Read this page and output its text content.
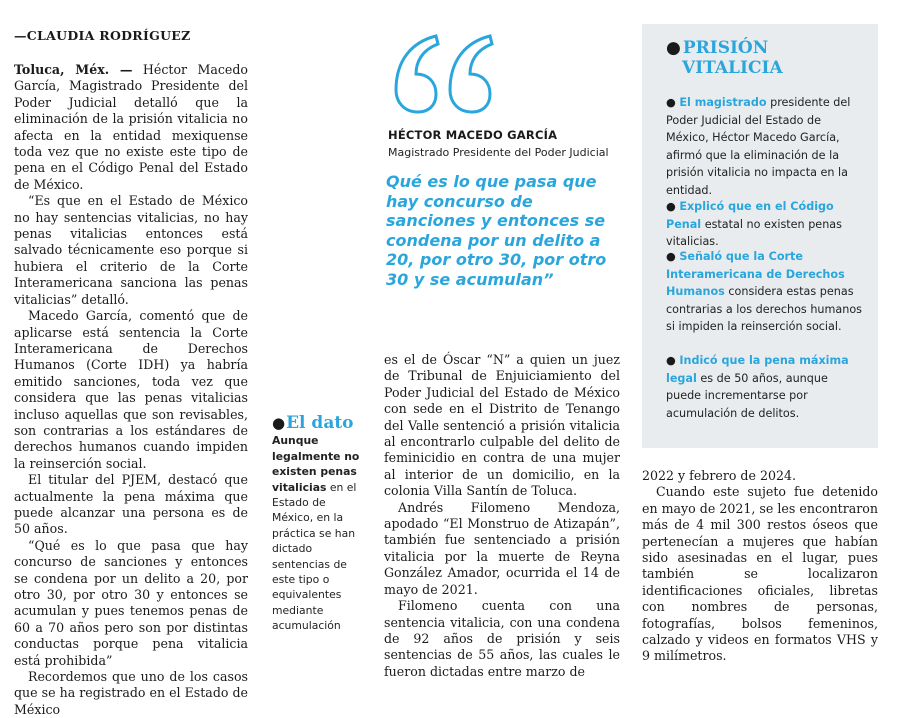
—CLAUDIA RODRÍGUEZ

Toluca, Méx. — Héctor Macedo García, Magistrado Presidente del Poder Judicial detalló que la eliminación de la prisión vitalicia no afecta en la entidad mexiquense toda vez que no existe este tipo de pena en el Código Penal del Estado de México.

“Es que en el Estado de México no hay sentencias vitalicias, no hay penas vitalicias entonces está salvado técnicamente eso porque si hubiera el criterio de la Corte Interamericana sanciona las penas vitalicias” detalló.

Macedo García, comentó que de aplicarse está sentencia la Corte Interamericana de Derechos Humanos (Corte IDH) ya habría emitido sanciones, toda vez que considera que las penas vitalicias incluso aquellas que son revisables, son contrarias a los estándares de derechos humanos cuando impiden la reinserción social.

El titular del PJEM, destacó que actualmente la pena máxima que puede alcanzar una persona es de 50 años.

“Qué es lo que pasa que hay concurso de sanciones y entonces se condena por un delito a 20, por otro 30, por otro 30 y entonces se acumulan y pues tenemos penas de 60 a 70 años pero son por distintas conductas porque pena vitalicia está prohibida”

Recordemos que uno de los casos que se ha registrado en el Estado de México

●El dato
Aunque legalmente no existen penas vitalicias en el Estado de México, en la práctica se han dictado sentencias de este tipo o equivalentes mediante acumulación
HÉCTOR MACEDO GARCÍA
Magistrado Presidente del Poder Judicial
Qué es lo que pasa que hay concurso de sanciones y entonces se condena por un delito a 20, por otro 30, por otro 30 y se acumulan”

es el de Óscar “N” a quien un juez de Tribunal de Enjuiciamiento del Poder Judicial del Estado de México con sede en el Distrito de Tenango del Valle sentenció a prisión vitalicia al encontrarlo culpable del delito de feminicidio en contra de una mujer al interior de un domicilio, en la colonia Villa Santín de Toluca.

Andrés Filomeno Mendoza, apodado “El Monstruo de Atizapán”, también fue sentenciado a prisión vitalicia por la muerte de Reyna González Amador, ocurrida el 14 de mayo de 2021.

Filomeno cuenta con una sentencia vitalicia, con una condena de 92 años de prisión y seis sentencias de 55 años, las cuales le fueron dictadas entre marzo de

2022 y febrero de 2024.

Cuando este sujeto fue detenido en mayo de 2021, se les encontraron más de 4 mil 300 restos óseos que pertenecían a mujeres que habían sido asesinadas en el lugar, pues también se localizaron identificaciones oficiales, libretas con nombres de personas, fotografías, bolsos femeninos, calzado y videos en formatos VHS y 9 milímetros.

● PRISIÓN
VITALICIA
● El magistrado presidente del Poder Judicial del Estado de México, Héctor Macedo García, afirmó que la eliminación de la prisión vitalicia no impacta en la entidad.
● Explicó que en el Código Penal estatal no existen penas vitalicias.
● Señaló que la Corte Interamericana de Derechos Humanos considera estas penas contrarias a los derechos humanos si impiden la reinserción social.
● Indicó que la pena máxima legal es de 50 años, aunque puede incrementarse por acumulación de delitos.
